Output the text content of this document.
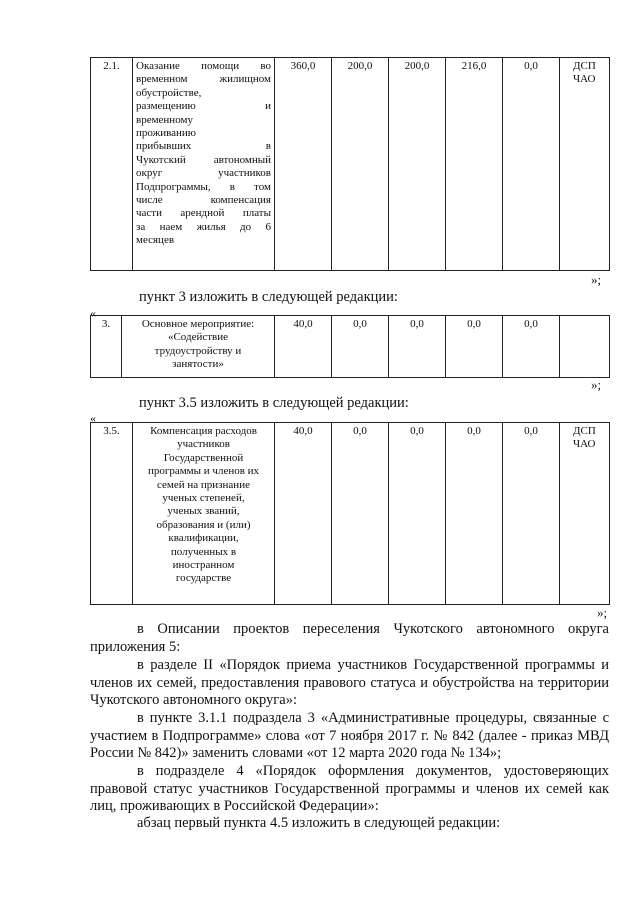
2.1.	Оказание помощи во
временном жилищном
обустройстве,
размещению и
временному
проживанию
прибывших в
Чукотский автономный
округ участников
Подпрограммы, в том
числе компенсация
части арендной платы
за наем жилья до 6
месяцев
	360,0	200,0	200,0	216,0	0,0	ДСП ЧАО
»;
пункт 3 изложить в следующей редакции:
«
3.	Основное мероприятие:
«Содействие
трудоустройству и
занятости»
	40,0	0,0	0,0	0,0	0,0	
»;
пункт 3.5 изложить в следующей редакции:
«
3.5.	Компенсация расходов
участников
Государственной
программы и членов их
семей на признание
ученых степеней,
ученых званий,
образования и (или)
квалификации,
полученных в
иностранном
государстве
	40,0	0,0	0,0	0,0	0,0	ДСП ЧАО
»;

в Описании проектов переселения Чукотского автономного округа приложения 5:

в разделе II «Порядок приема участников Государственной программы и членов их семей, предоставления правового статуса и обустройства на территории Чукотского автономного округа»:

в пункте 3.1.1 подраздела 3 «Административные процедуры, связанные с участием в Подпрограмме» слова «от 7 ноября 2017 г. № 842 (далее - приказ МВД России № 842)» заменить словами «от 12 марта 2020 года № 134»;

в подразделе 4 «Порядок оформления документов, удостоверяющих правовой статус участников Государственной программы и членов их семей как лиц, проживающих в Российской Федерации»:

абзац первый пункта 4.5 изложить в следующей редакции:
